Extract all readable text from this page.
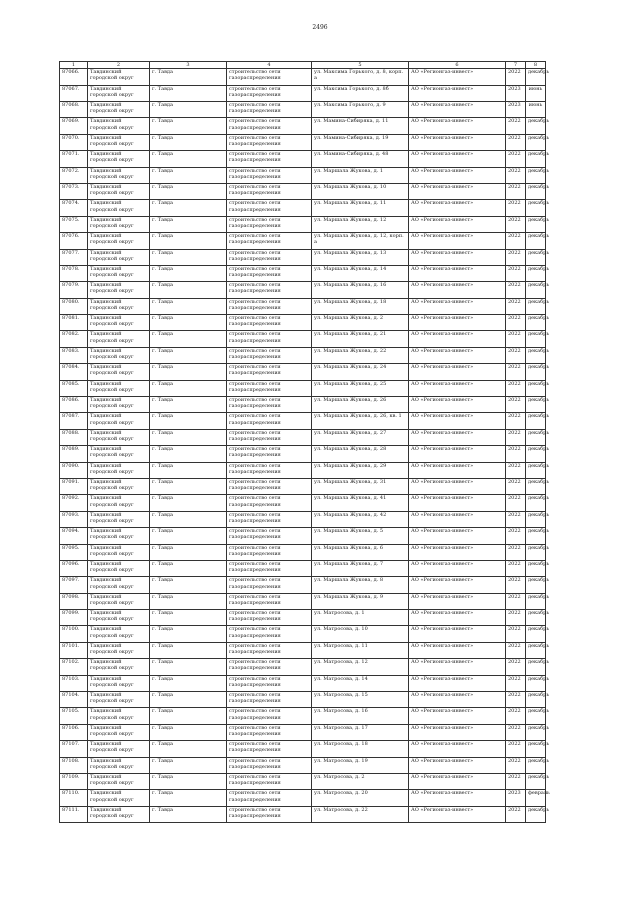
2496
1	2	3	4	5	6	7	8
87066.	Тавдинский городской округ	г. Тавда	строительство сети газораспределения	ул. Максима Горького, д. 8, корп. а	АО «Регионгаз-инвест»	2022	декабрь
87067.	Тавдинский городской округ	г. Тавда	строительство сети газораспределения	ул. Максима Горького, д. 8б	АО «Регионгаз-инвест»	2023	июнь
87068.	Тавдинский городской округ	г. Тавда	строительство сети газораспределения	ул. Максима Горького, д. 9	АО «Регионгаз-инвест»	2023	июнь
87069.	Тавдинский городской округ	г. Тавда	строительство сети газораспределения	ул. Мамина-Сибиряка, д. 11	АО «Регионгаз-инвест»	2022	декабрь
87070.	Тавдинский городской округ	г. Тавда	строительство сети газораспределения	ул. Мамина-Сибиряка, д. 19	АО «Регионгаз-инвест»	2022	декабрь
87071.	Тавдинский городской округ	г. Тавда	строительство сети газораспределения	ул. Мамина-Сибиряка, д. 48	АО «Регионгаз-инвест»	2022	декабрь
87072.	Тавдинский городской округ	г. Тавда	строительство сети газораспределения	ул. Маршала Жукова, д. 1	АО «Регионгаз-инвест»	2022	декабрь
87073.	Тавдинский городской округ	г. Тавда	строительство сети газораспределения	ул. Маршала Жукова, д. 10	АО «Регионгаз-инвест»	2022	декабрь
87074.	Тавдинский городской округ	г. Тавда	строительство сети газораспределения	ул. Маршала Жукова, д. 11	АО «Регионгаз-инвест»	2022	декабрь
87075.	Тавдинский городской округ	г. Тавда	строительство сети газораспределения	ул. Маршала Жукова, д. 12	АО «Регионгаз-инвест»	2022	декабрь
87076.	Тавдинский городской округ	г. Тавда	строительство сети газораспределения	ул. Маршала Жукова, д. 12, корп. а	АО «Регионгаз-инвест»	2022	декабрь
87077.	Тавдинский городской округ	г. Тавда	строительство сети газораспределения	ул. Маршала Жукова, д. 13	АО «Регионгаз-инвест»	2022	декабрь
87078.	Тавдинский городской округ	г. Тавда	строительство сети газораспределения	ул. Маршала Жукова, д. 14	АО «Регионгаз-инвест»	2022	декабрь
87079.	Тавдинский городской округ	г. Тавда	строительство сети газораспределения	ул. Маршала Жукова, д. 16	АО «Регионгаз-инвест»	2022	декабрь
87080.	Тавдинский городской округ	г. Тавда	строительство сети газораспределения	ул. Маршала Жукова, д. 18	АО «Регионгаз-инвест»	2022	декабрь
87081.	Тавдинский городской округ	г. Тавда	строительство сети газораспределения	ул. Маршала Жукова, д. 2	АО «Регионгаз-инвест»	2022	декабрь
87082.	Тавдинский городской округ	г. Тавда	строительство сети газораспределения	ул. Маршала Жукова, д. 21	АО «Регионгаз-инвест»	2022	декабрь
87083.	Тавдинский городской округ	г. Тавда	строительство сети газораспределения	ул. Маршала Жукова, д. 22	АО «Регионгаз-инвест»	2022	декабрь
87084.	Тавдинский городской округ	г. Тавда	строительство сети газораспределения	ул. Маршала Жукова, д. 24	АО «Регионгаз-инвест»	2022	декабрь
87085.	Тавдинский городской округ	г. Тавда	строительство сети газораспределения	ул. Маршала Жукова, д. 25	АО «Регионгаз-инвест»	2022	декабрь
87086.	Тавдинский городской округ	г. Тавда	строительство сети газораспределения	ул. Маршала Жукова, д. 26	АО «Регионгаз-инвест»	2022	декабрь
87087.	Тавдинский городской округ	г. Тавда	строительство сети газораспределения	ул. Маршала Жукова, д. 26, кв. 1	АО «Регионгаз-инвест»	2022	декабрь
87088.	Тавдинский городской округ	г. Тавда	строительство сети газораспределения	ул. Маршала Жукова, д. 27	АО «Регионгаз-инвест»	2022	декабрь
87089.	Тавдинский городской округ	г. Тавда	строительство сети газораспределения	ул. Маршала Жукова, д. 28	АО «Регионгаз-инвест»	2022	декабрь
87090.	Тавдинский городской округ	г. Тавда	строительство сети газораспределения	ул. Маршала Жукова, д. 29	АО «Регионгаз-инвест»	2022	декабрь
87091.	Тавдинский городской округ	г. Тавда	строительство сети газораспределения	ул. Маршала Жукова, д. 31	АО «Регионгаз-инвест»	2022	декабрь
87092.	Тавдинский городской округ	г. Тавда	строительство сети газораспределения	ул. Маршала Жукова, д. 41	АО «Регионгаз-инвест»	2022	декабрь
87093.	Тавдинский городской округ	г. Тавда	строительство сети газораспределения	ул. Маршала Жукова, д. 42	АО «Регионгаз-инвест»	2022	декабрь
87094.	Тавдинский городской округ	г. Тавда	строительство сети газораспределения	ул. Маршала Жукова, д. 5	АО «Регионгаз-инвест»	2022	декабрь
87095.	Тавдинский городской округ	г. Тавда	строительство сети газораспределения	ул. Маршала Жукова, д. 6	АО «Регионгаз-инвест»	2022	декабрь
87096.	Тавдинский городской округ	г. Тавда	строительство сети газораспределения	ул. Маршала Жукова, д. 7	АО «Регионгаз-инвест»	2022	декабрь
87097.	Тавдинский городской округ	г. Тавда	строительство сети газораспределения	ул. Маршала Жукова, д. 8	АО «Регионгаз-инвест»	2022	декабрь
87098.	Тавдинский городской округ	г. Тавда	строительство сети газораспределения	ул. Маршала Жукова, д. 9	АО «Регионгаз-инвест»	2022	декабрь
87099.	Тавдинский городской округ	г. Тавда	строительство сети газораспределения	ул. Матросова, д. 1	АО «Регионгаз-инвест»	2022	декабрь
87100.	Тавдинский городской округ	г. Тавда	строительство сети газораспределения	ул. Матросова, д. 10	АО «Регионгаз-инвест»	2022	декабрь
87101.	Тавдинский городской округ	г. Тавда	строительство сети газораспределения	ул. Матросова, д. 11	АО «Регионгаз-инвест»	2022	декабрь
87102.	Тавдинский городской округ	г. Тавда	строительство сети газораспределения	ул. Матросова, д. 12	АО «Регионгаз-инвест»	2022	декабрь
87103.	Тавдинский городской округ	г. Тавда	строительство сети газораспределения	ул. Матросова, д. 14	АО «Регионгаз-инвест»	2022	декабрь
87104.	Тавдинский городской округ	г. Тавда	строительство сети газораспределения	ул. Матросова, д. 15	АО «Регионгаз-инвест»	2022	декабрь
87105.	Тавдинский городской округ	г. Тавда	строительство сети газораспределения	ул. Матросова, д. 16	АО «Регионгаз-инвест»	2022	декабрь
87106.	Тавдинский городской округ	г. Тавда	строительство сети газораспределения	ул. Матросова, д. 17	АО «Регионгаз-инвест»	2022	декабрь
87107.	Тавдинский городской округ	г. Тавда	строительство сети газораспределения	ул. Матросова, д. 18	АО «Регионгаз-инвест»	2022	декабрь
87108.	Тавдинский городской округ	г. Тавда	строительство сети газораспределения	ул. Матросова, д. 19	АО «Регионгаз-инвест»	2022	декабрь
87109.	Тавдинский городской округ	г. Тавда	строительство сети газораспределения	ул. Матросова, д. 2	АО «Регионгаз-инвест»	2022	декабрь
87110.	Тавдинский городской округ	г. Тавда	строительство сети газораспределения	ул. Матросова, д. 20	АО «Регионгаз-инвест»	2023	февраль
87111.	Тавдинский городской округ	г. Тавда	строительство сети газораспределения	ул. Матросова, д. 22	АО «Регионгаз-инвест»	2022	декабрь
